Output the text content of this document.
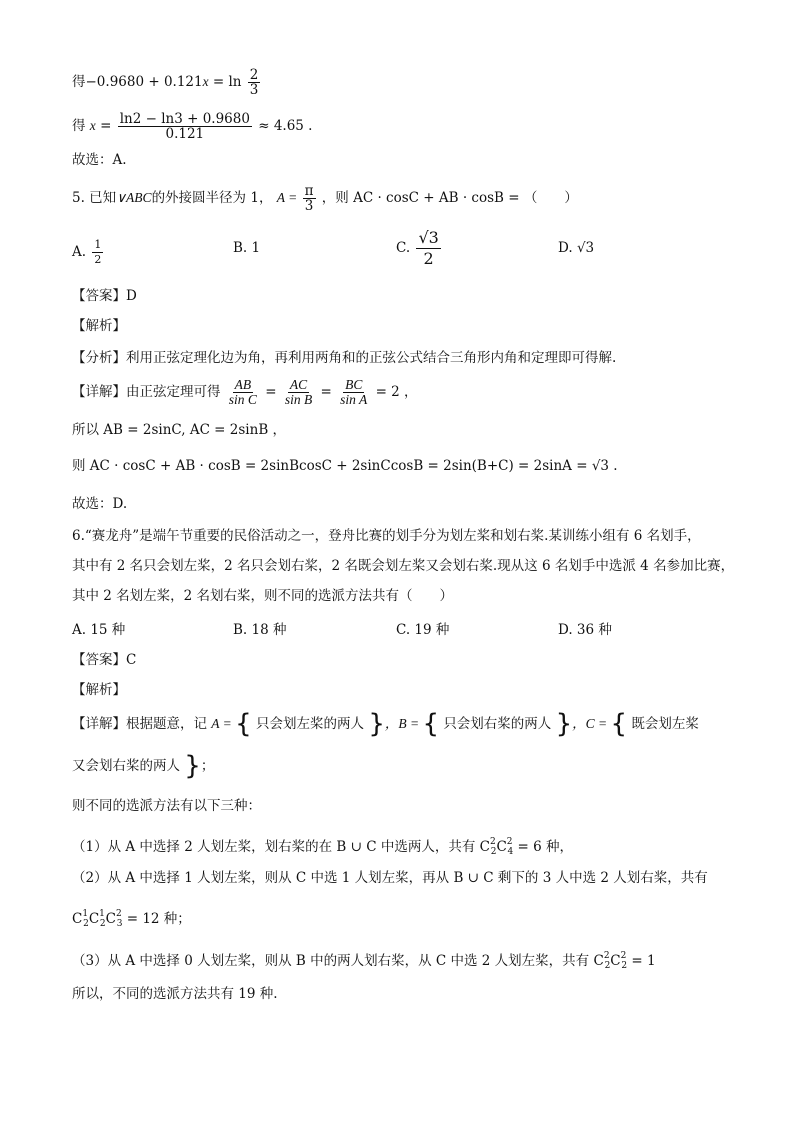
得$-0.9680 + 0.121x = \ln \frac{2}{3}$
得 $x = \frac{\ln 2 - \ln 3 + 0.9680}{0.121} \approx 4.65$ .
故选：A.
5. 已知∨ABC的外接圆半径为 1， $A = \frac{\pi}{3}$ ，则 AC · cosC + AB · cosB = （　　）
A. $\frac{1}{2}$	B. 1	C. $\frac{√3}{2}$	D. √3
【答案】D
【解析】
【分析】利用正弦定理化边为角，再利用两角和的正弦公式结合三角形内角和定理即可得解.
【详解】由正弦定理可得 $\frac{AB}{\text{sin C}} = \frac{AC}{\text{sin B}} = \frac{BC}{\text{sin A}} = 2$ ，
所以 AB = 2sinC, AC = 2sinB ，
则 AC · cosC + AB · cosB = 2sinBcosC + 2sinCcosB = 2sin(B+C) = 2sinA = √3 .
故选：D.
6.“赛龙舟”是端午节重要的民俗活动之一，登舟比赛的划手分为划左桨和划右桨.某训练小组有 6 名划手，
其中有 2 名只会划左桨，2 名只会划右桨，2 名既会划左桨又会划右桨.现从这 6 名划手中选派 4 名参加比赛，
其中 2 名划左桨，2 名划右桨，则不同的选派方法共有（　　）
A. 15 种	B. 18 种	C. 19 种	D. 36 种
【答案】C
【解析】
【详解】根据题意，记 A = { 只会划左桨的两人 }，B = { 只会划右桨的两人 }，C = { 既会划左桨
又会划右桨的两人 }；
则不同的选派方法有以下三种：
（1）从 A 中选择 2 人划左桨，划右桨的在 B ∪ C 中选两人，共有 $C^2_2C^2_4 = 6$ 种，
（2）从 A 中选择 1 人划左桨，则从 C 中选 1 人划左桨，再从 B ∪ C 剩下的 3 人中选 2 人划右桨，共有
$C^1_2C^1_2C^2_3 = 12$ 种；
（3）从 A 中选择 0 人划左桨，则从 B 中的两人划右桨，从 C 中选 2 人划左桨，共有 $C^2_2C^2_2 = 1$
所以，不同的选派方法共有 19 种.
